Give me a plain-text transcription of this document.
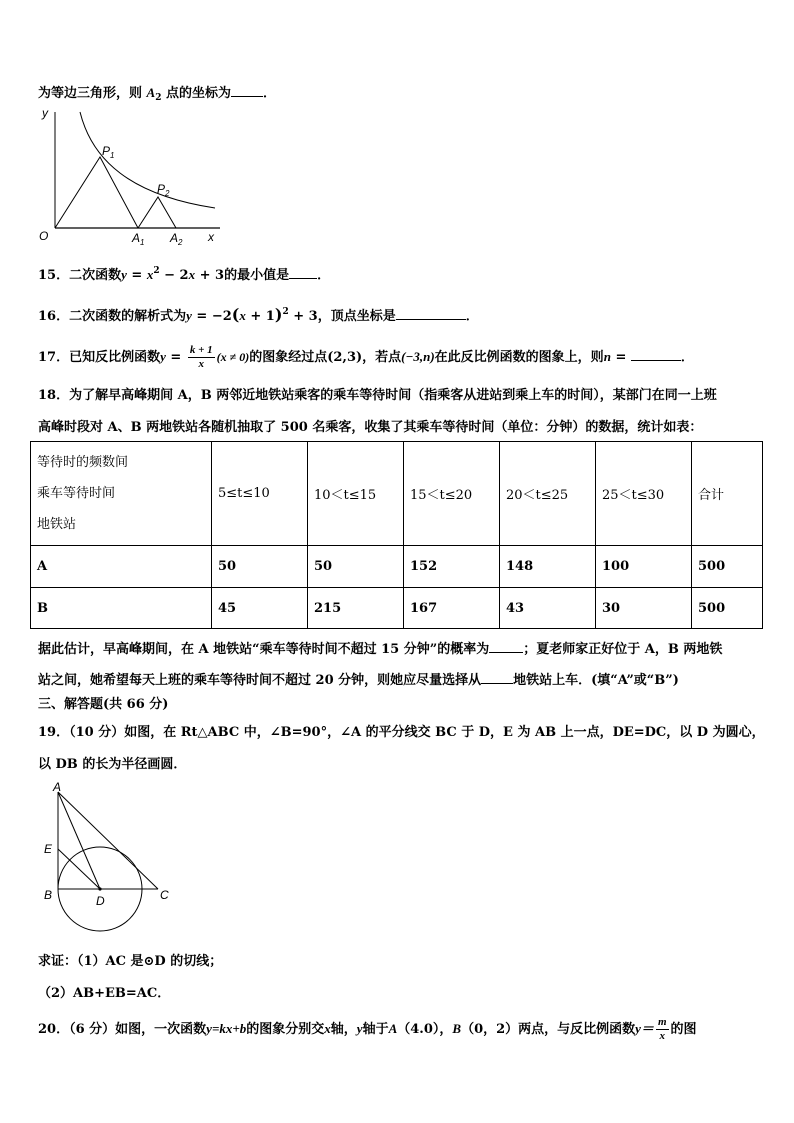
为等边三角形，则 $A_2$ 点的坐标为 ．
y
x
O
$P_1$
$P_2$
$A_1$ $A_2$
15．二次函数$y = x^2 - 2x + 3$的最小值是 ．
16．二次函数的解析式为$y = -2(x + 1)^2 + 3$，顶点坐标是	．
17．已知反比例函数$y = \frac{k + 1}{x} (x \ne 0)$的图象经过点(2,3)，若点(−3,n)在此反比例函数的图象上，则n =	．
18．为了解早高峰期间 A，B 两邻近地铁站乘客的乘车等待时间（指乘客从进站到乘上车的时间），某部门在同一上班
高峰时段对 A、B 两地铁站各随机抽取了 500 名乘客，收集了其乘车等待时间（单位：分钟）的数据，统计如表：
等待时的频数间
乘车等待时间
地铁站	5≤t≤10	10＜t≤15	15＜t≤20	20＜t≤25	25＜t≤30	合计
A	50	50	152	148	100	500
B	45	215	167	43	30	500
据此估计，早高峰期间，在 A 地铁站“乘车等待时间不超过 15 分钟”的概率为	；夏老师家正好位于 A，B 两地铁
站之间，她希望每天上班的乘车等待时间不超过 20 分钟，则她应尽量选择从 地铁站上车．(填“A”或“B”)
三、解答题(共 66 分)
19．（10 分）如图，在 Rt△ABC 中，∠B=90°，∠A 的平分线交 BC 于 D，E 为 AB 上一点，DE=DC，以 D 为圆心，
以 DB 的长为半径画圆．
A
E
B	D	C
求证：（1）AC 是⊙D 的切线；
（2）AB+EB=AC．
20．（6 分）如图，一次函数y=kx+b的图象分别交x轴，y轴于A（4.0），B（0，2）两点，与反比例函数$y= \frac{m}{x}$ 的图
